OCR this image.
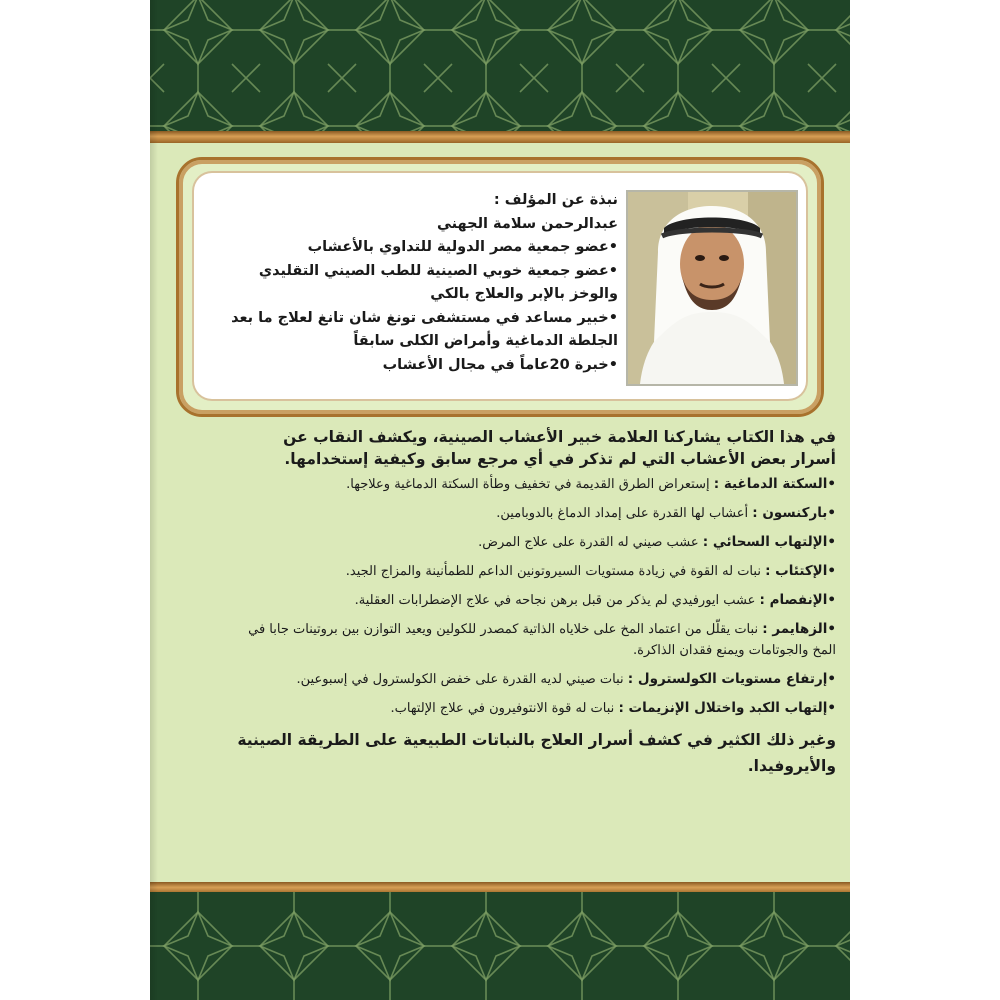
نبذة عن المؤلف :
عبدالرحمن سلامة الجهني
•عضو جمعية مصر الدولية للتداوي بالأعشاب
•عضو جمعية خوبي الصينية للطب الصيني التقليدي
والوخز بالإبر والعلاج بالكي
•خبير مساعد في مستشفى تونغ شان تانغ لعلاج ما بعد
الجلطة الدماغية وأمراض الكلى سابقاً
•خبرة 20عاماً في مجال الأعشاب

في هذا الكتاب يشاركنا العلامة خبير الأعشاب الصينية، ويكشف النقاب عن أسرار بعض الأعشاب التي لم تذكر في أي مرجع سابق وكيفية إستخدامها.

•السكتة الدماغية : إستعراض الطرق القديمة في تخفيف وطأة السكتة الدماغية وعلاجها.
•باركنسون : أعشاب لها القدرة على إمداد الدماغ بالدوبامين.
•الإلتهاب السحائي : عشب صيني له القدرة على علاج المرض.
•الإكتئاب : نبات له القوة في زيادة مستويات السيروتونين الداعم للطمأنينة والمزاج الجيد.
•الإنفصام : عشب ايورفيدي لم يذكر من قبل برهن نجاحه في علاج الإضطرابات العقلية.
•الزهايمر : نبات يقلّل من اعتماد المخ على خلاياه الذاتية كمصدر للكولين ويعيد التوازن بين بروتينات جابا في المخ والجوتامات ويمنع فقدان الذاكرة.
•إرتفاع مستويات الكولسترول : نبات صيني لديه القدرة على خفض الكولسترول في إسبوعين.
•إلتهاب الكبد واختلال الإنزيمات : نبات له قوة الانتوفيرون في علاج الإلتهاب.
وغير ذلك الكثير في كشف أسرار العلاج بالنباتات الطبيعية على الطريقة الصينية والأيروفيدا.
